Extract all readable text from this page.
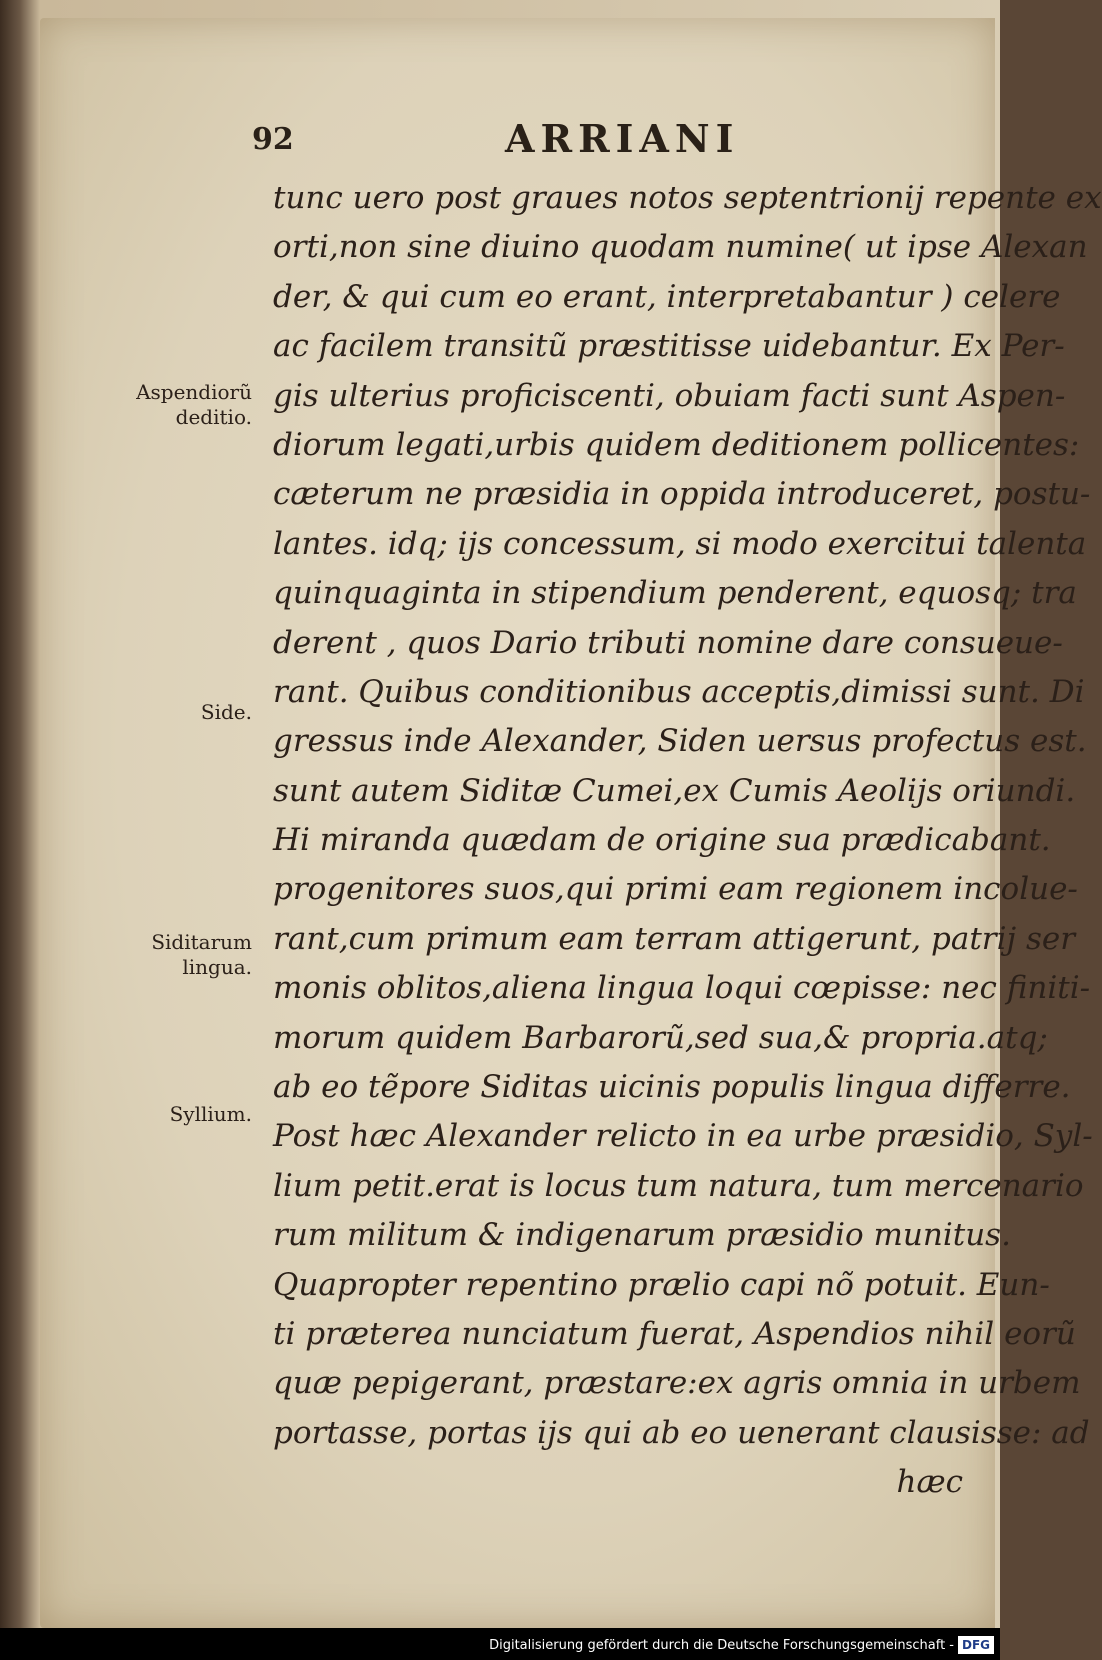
92	ARRIANI
tunc uero post graues notos septentrionij repente ex
orti,non sine diuino quodam numine( ut ipse Alexan
der, & qui cum eo erant, interpretabantur ) celere
ac facilem transitũ præstitisse uidebantur. Ex Per-
gis ulterius proficiscenti, obuiam facti sunt Aspen-
diorum legati,urbis quidem deditionem pollicentes:
cæterum ne præsidia in oppida introduceret, postu-
lantes. idq; ijs concessum, si modo exercitui talenta
quinquaginta in stipendium penderent, equosq; tra
derent , quos Dario tributi nomine dare consueue-
rant. Quibus conditionibus acceptis,dimissi sunt. Di
gressus inde Alexander, Siden uersus profectus est.
sunt autem Siditæ Cumei,ex Cumis Aeolijs oriundi.
Hi miranda quædam de origine sua prædicabant.
progenitores suos,qui primi eam regionem incolue-
rant,cum primum eam terram attigerunt, patrij ser
monis oblitos,aliena lingua loqui cœpisse: nec finiti-
morum quidem Barbarorũ,sed sua,& propria.atq;
ab eo tẽpore Siditas uicinis populis lingua differre.
Post hæc Alexander relicto in ea urbe præsidio, Syl-
lium petit.erat is locus tum natura, tum mercenario
rum militum & indigenarum præsidio munitus.
Quapropter repentino prælio capi nõ potuit. Eun-
ti præterea nunciatum fuerat, Aspendios nihil eorũ
quæ pepigerant, præstare:ex agris omnia in urbem
portasse, portas ijs qui ab eo uenerant clausisse: ad
hæc
Aspendiorũ
deditio.
Side.
Siditarum
lingua.
Syllium.
Digitalisierung gefördert durch die Deutsche Forschungsgemeinschaft - DFG
